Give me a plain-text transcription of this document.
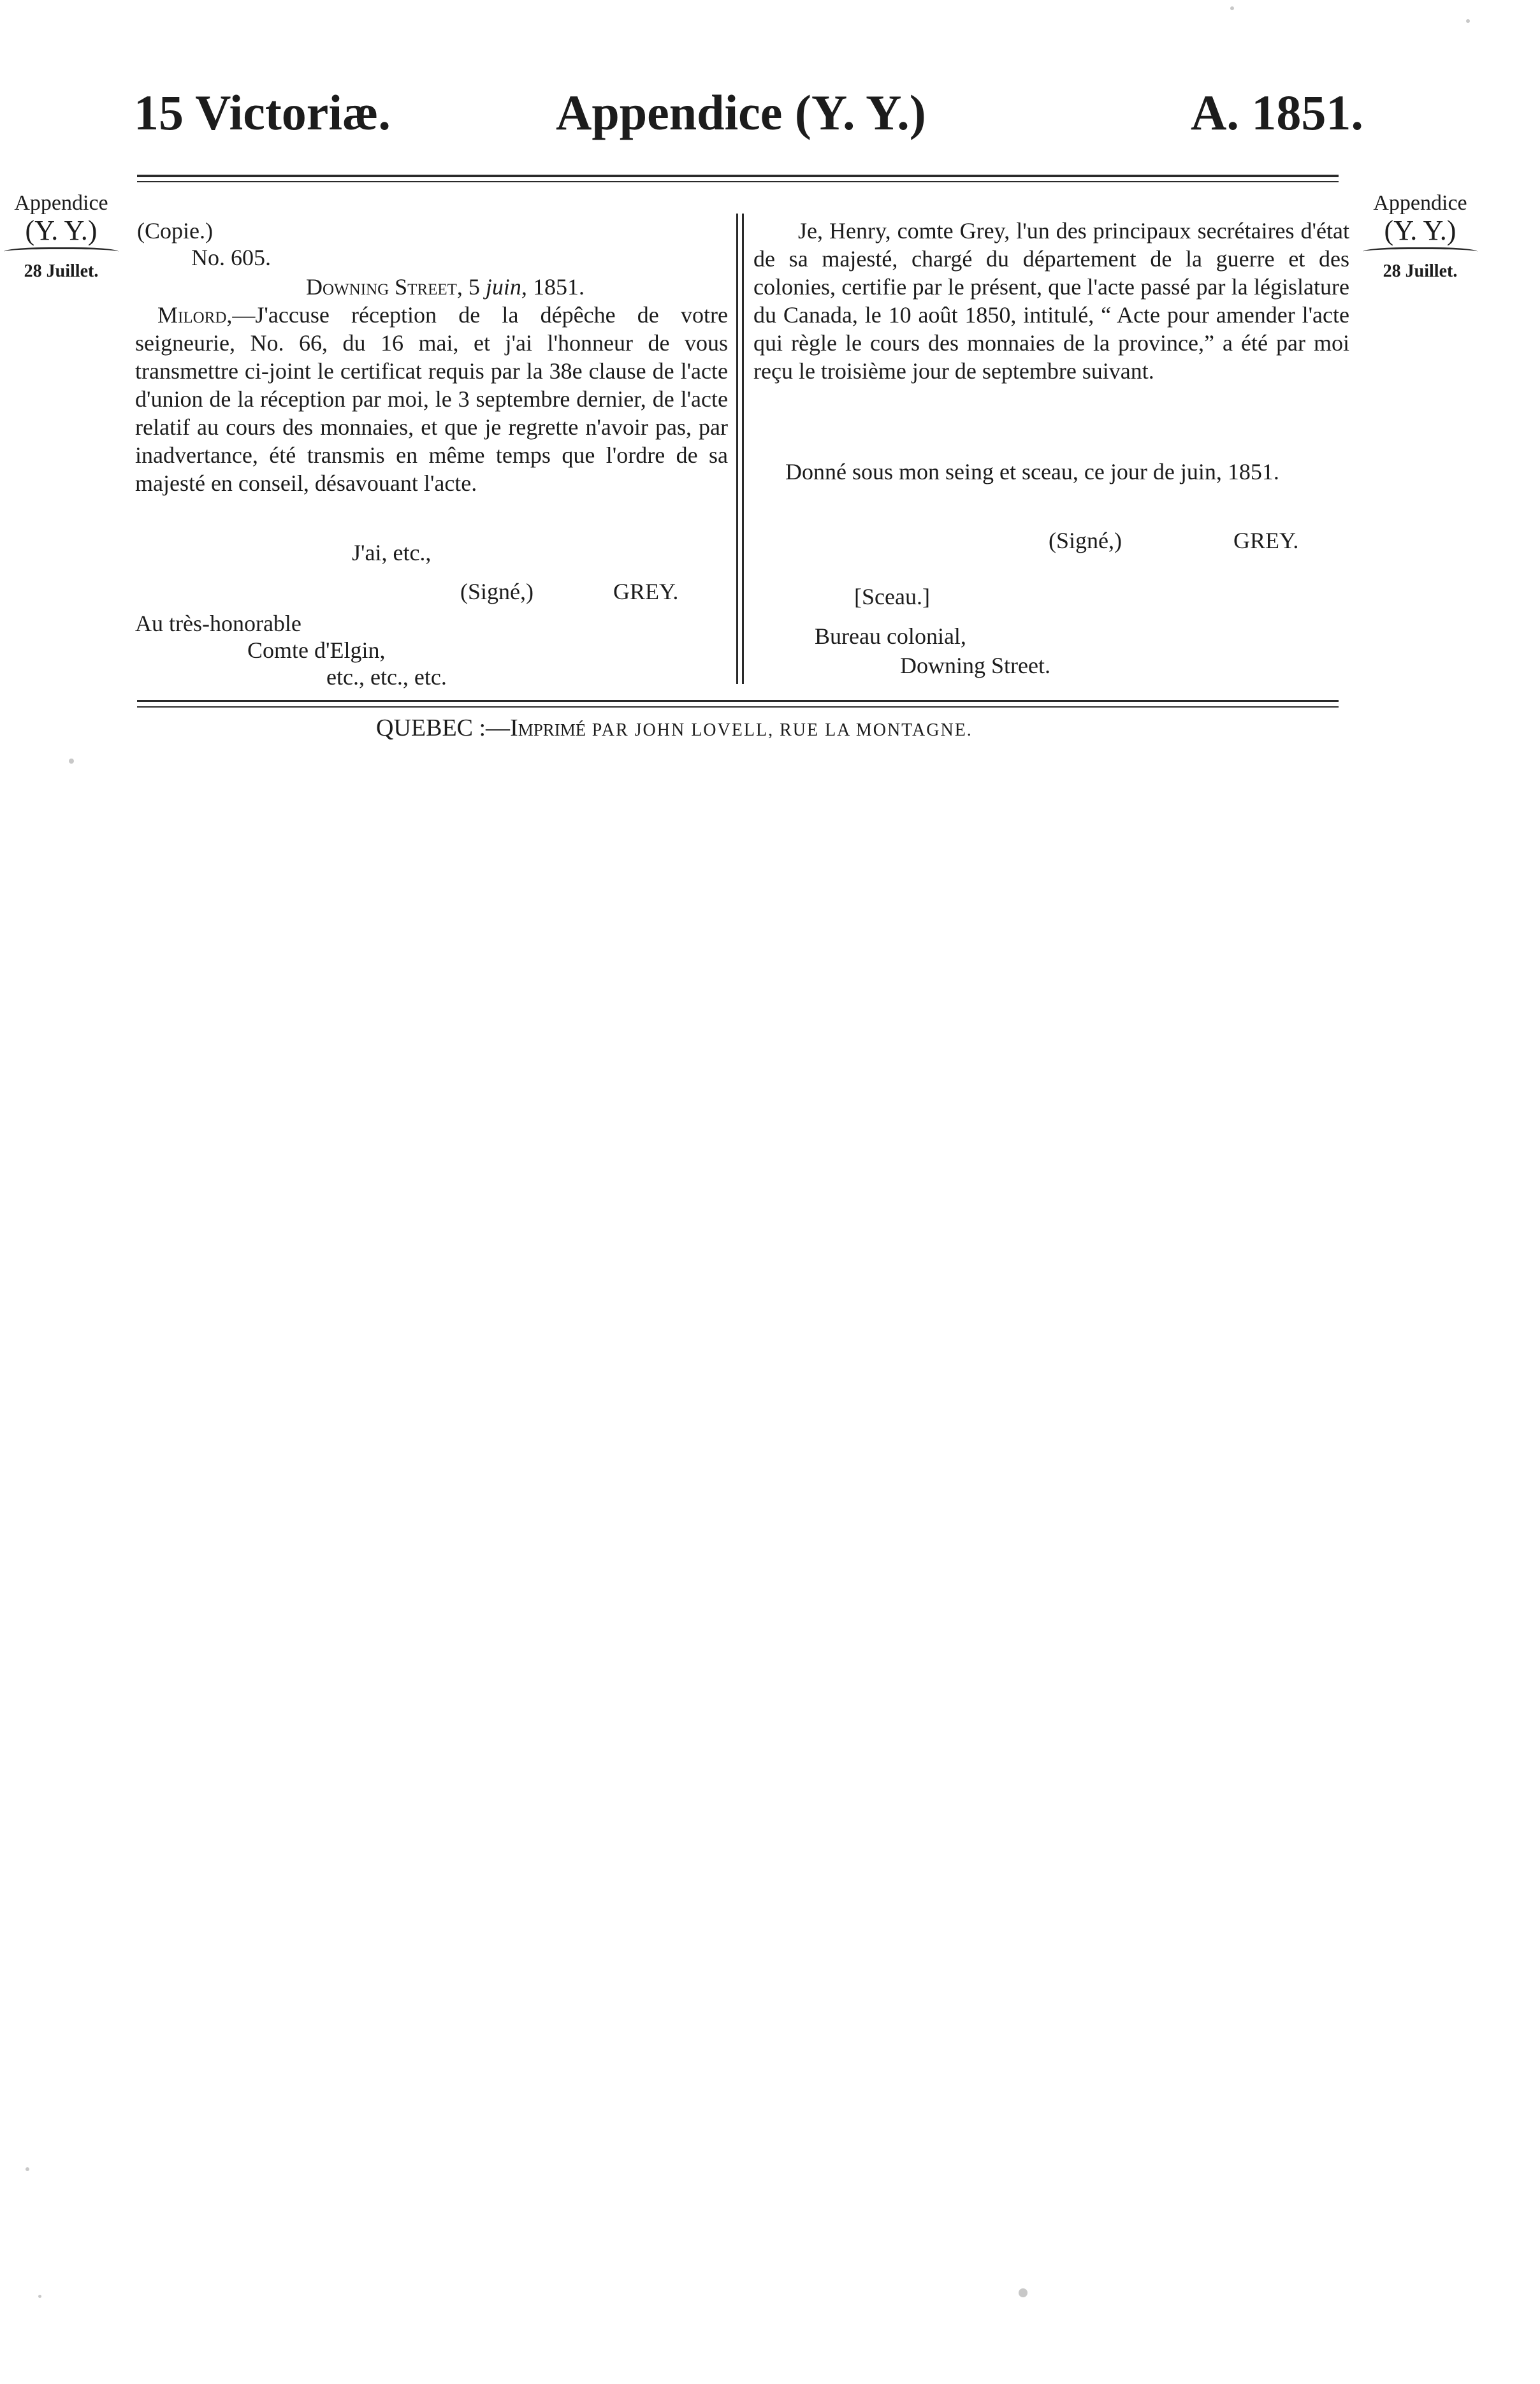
15 Victoriæ.	Appendice (Y. Y.)	A. 1851.
Appendice
(Y. Y.)
28 Juillet.
Appendice
(Y. Y.)
28 Juillet.
(Copie.)
No. 605.
Downing Street, 5 juin, 1851.
Milord,—J'accuse réception de la dépêche de votre seigneurie, No. 66, du 16 mai, et j'ai l'honneur de vous transmettre ci-joint le certificat requis par la 38e clause de l'acte d'union de la réception par moi, le 3 septembre dernier, de l'acte relatif au cours des monnaies, et que je regrette n'avoir pas, par inadvertance, été transmis en même temps que l'ordre de sa majesté en conseil, désavouant l'acte.
J'ai, etc.,
(Signé,)	GREY.
Au très-honorable
Comte d'Elgin,
etc., etc., etc.
Je, Henry, comte Grey, l'un des principaux secrétaires d'état de sa majesté, chargé du département de la guerre et des colonies, certifie par le présent, que l'acte passé par la législature du Canada, le 10 août 1850, intitulé, “ Acte pour amender l'acte qui règle le cours des monnaies de la province,” a été par moi reçu le troisième jour de septembre suivant.
Donné sous mon seing et sceau, ce jour de juin, 1851.
(Signé,)	GREY.
[Sceau.]
Bureau colonial,
Downing Street.
QUEBEC :—Imprimé PAR JOHN LOVELL, RUE LA MONTAGNE.
